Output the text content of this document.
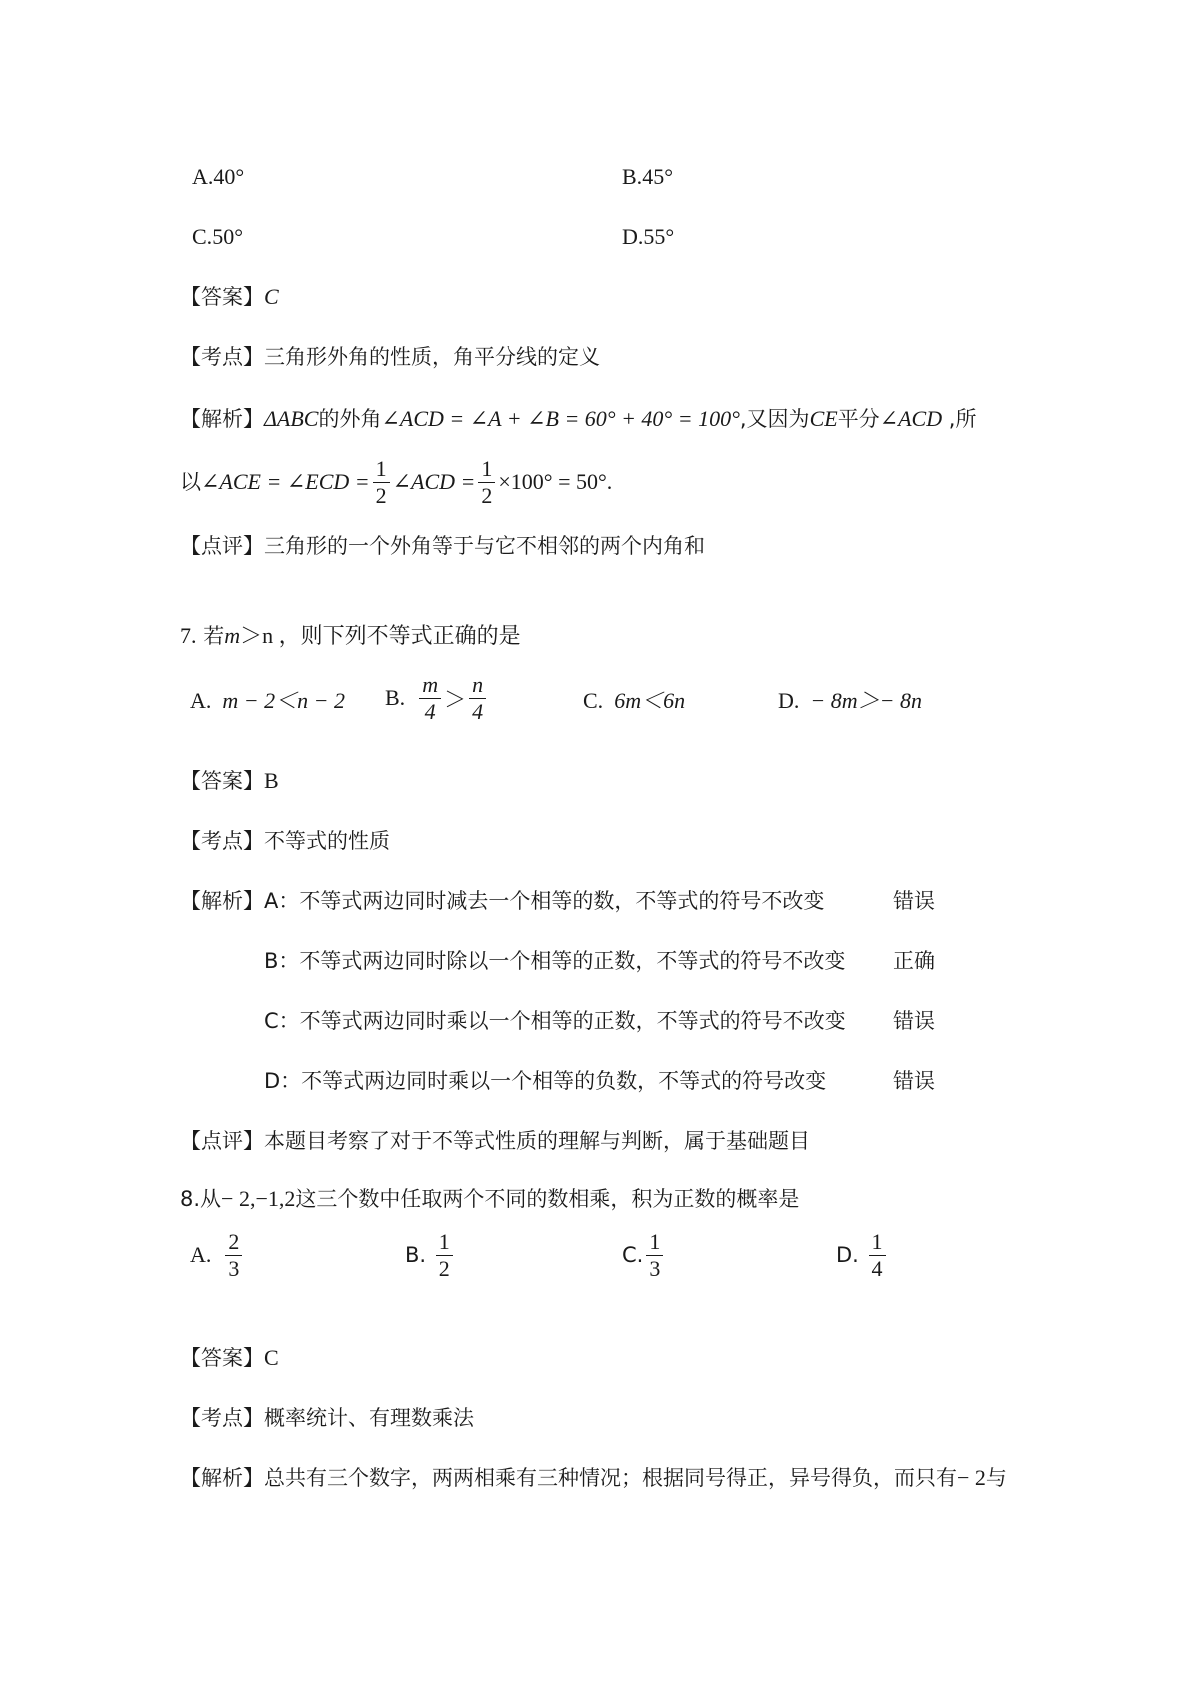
A.40°	B.45°
C.50°	D.55°
【答案】C
【考点】三角形外角的性质，角平分线的定义
【解析】ΔABC的外角∠ACD = ∠A + ∠B = 60° + 40° = 100°,又因为CE平分∠ACD ,所
以 ∠ACE = ∠ECD = $\frac{1}{2}$ ∠ACD = $\frac{1}{2} \times 100^\circ = 50^\circ$.
【点评】三角形的一个外角等于与它不相邻的两个内角和
7. 若m＞n ，则下列不等式正确的是
A. m − 2＜n − 2 B.
$\frac{m}{4} > \frac{n}{4}$	C. 6m＜6n	D. − 8m＞− 8n
【答案】B
【考点】不等式的性质
【解析】 A：不等式两边同时减去一个相等的数，不等式的符号不改变	错误
B：不等式两边同时除以一个相等的正数，不等式的符号不改变 正确
C：不等式两边同时乘以一个相等的正数，不等式的符号不改变 错误
D：不等式两边同时乘以一个相等的负数，不等式的符号改变	错误
【点评】本题目考察了对于不等式性质的理解与判断，属于基础题目
8.从− 2,−1,2这三个数中任取两个不同的数相乘，积为正数的概率是
A.
$\frac{2}{3}$	B.
$\frac{1}{2}$	C. $\frac{1}{3}$	D.
$\frac{1}{4}$
【答案】C
【考点】概率统计、有理数乘法
【解析】总共有三个数字，两两相乘有三种情况；根据同号得正，异号得负，而只有− 2与
